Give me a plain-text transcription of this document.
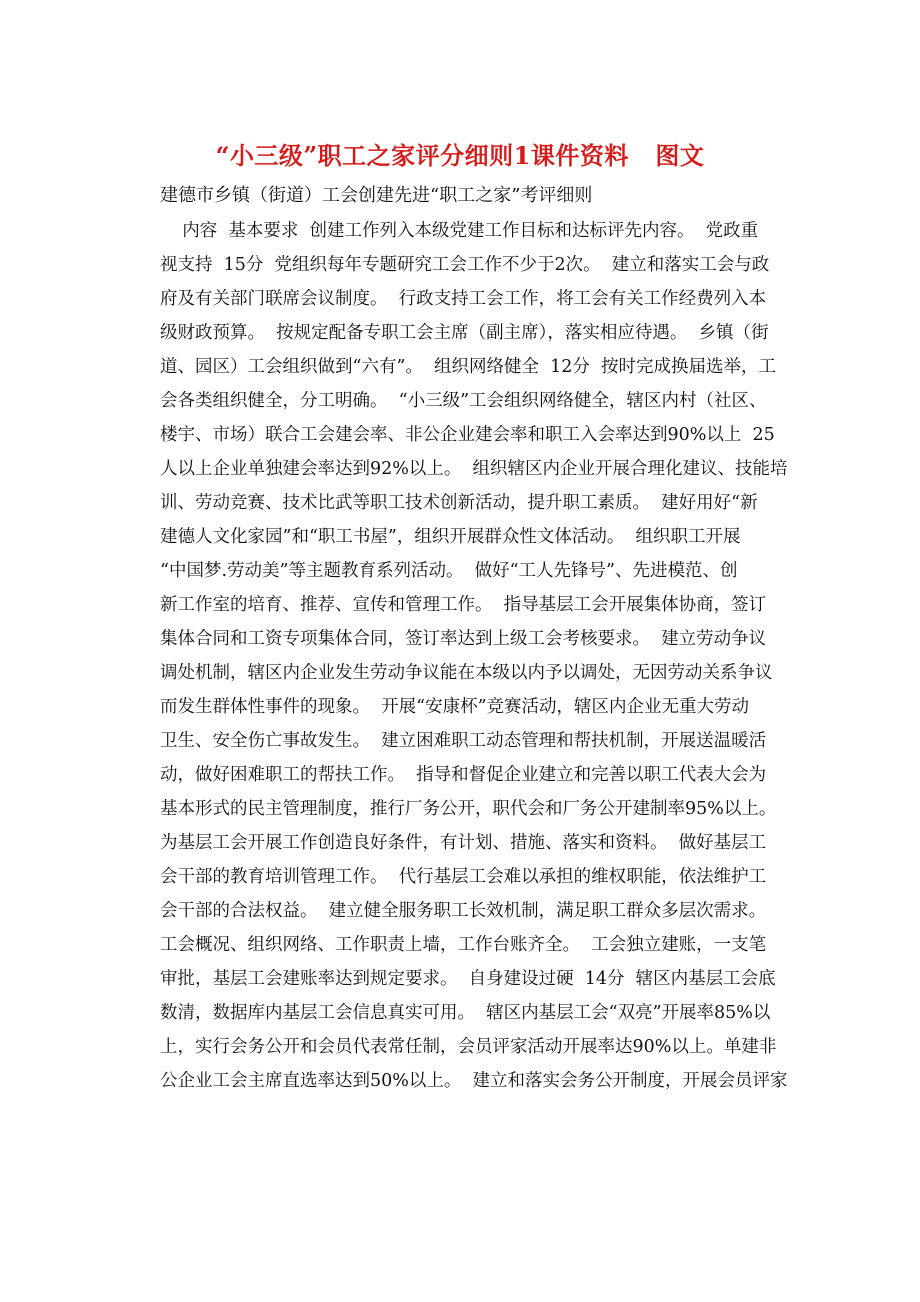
“小三级”职工之家评分细则1课件资料   图文
建德市乡镇（街道）工会创建先进“职工之家”考评细则
内容  基本要求  创建工作列入本级党建工作目标和达标评先内容。  党政重
视支持  15分  党组织每年专题研究工会工作不少于2次。  建立和落实工会与政
府及有关部门联席会议制度。  行政支持工会工作，将工会有关工作经费列入本
级财政预算。  按规定配备专职工会主席（副主席），落实相应待遇。  乡镇（街
道、园区）工会组织做到“六有”。  组织网络健全  12分  按时完成换届选举，工
会各类组织健全，分工明确。  “小三级”工会组织网络健全，辖区内村（社区、
楼宇、市场）联合工会建会率、非公企业建会率和职工入会率达到90%以上  25
人以上企业单独建会率达到92%以上。  组织辖区内企业开展合理化建议、技能培
训、劳动竞赛、技术比武等职工技术创新活动，提升职工素质。  建好用好“新
建德人文化家园”和“职工书屋”，组织开展群众性文体活动。  组织职工开展
“中国梦.劳动美”等主题教育系列活动。  做好“工人先锋号”、先进模范、创
新工作室的培育、推荐、宣传和管理工作。  指导基层工会开展集体协商，签订
集体合同和工资专项集体合同，签订率达到上级工会考核要求。  建立劳动争议
调处机制，辖区内企业发生劳动争议能在本级以内予以调处，无因劳动关系争议
而发生群体性事件的现象。  开展“安康杯”竞赛活动，辖区内企业无重大劳动
卫生、安全伤亡事故发生。  建立困难职工动态管理和帮扶机制，开展送温暖活
动，做好困难职工的帮扶工作。  指导和督促企业建立和完善以职工代表大会为
基本形式的民主管理制度，推行厂务公开，职代会和厂务公开建制率95%以上。
为基层工会开展工作创造良好条件，有计划、措施、落实和资料。  做好基层工
会干部的教育培训管理工作。  代行基层工会难以承担的维权职能，依法维护工
会干部的合法权益。  建立健全服务职工长效机制，满足职工群众多层次需求。
工会概况、组织网络、工作职责上墙，工作台账齐全。  工会独立建账，一支笔
审批，基层工会建账率达到规定要求。  自身建设过硬  14分  辖区内基层工会底
数清，数据库内基层工会信息真实可用。  辖区内基层工会“双亮”开展率85%以
上，实行会务公开和会员代表常任制，会员评家活动开展率达90%以上。单建非
公企业工会主席直选率达到50%以上。  建立和落实会务公开制度，开展会员评家
